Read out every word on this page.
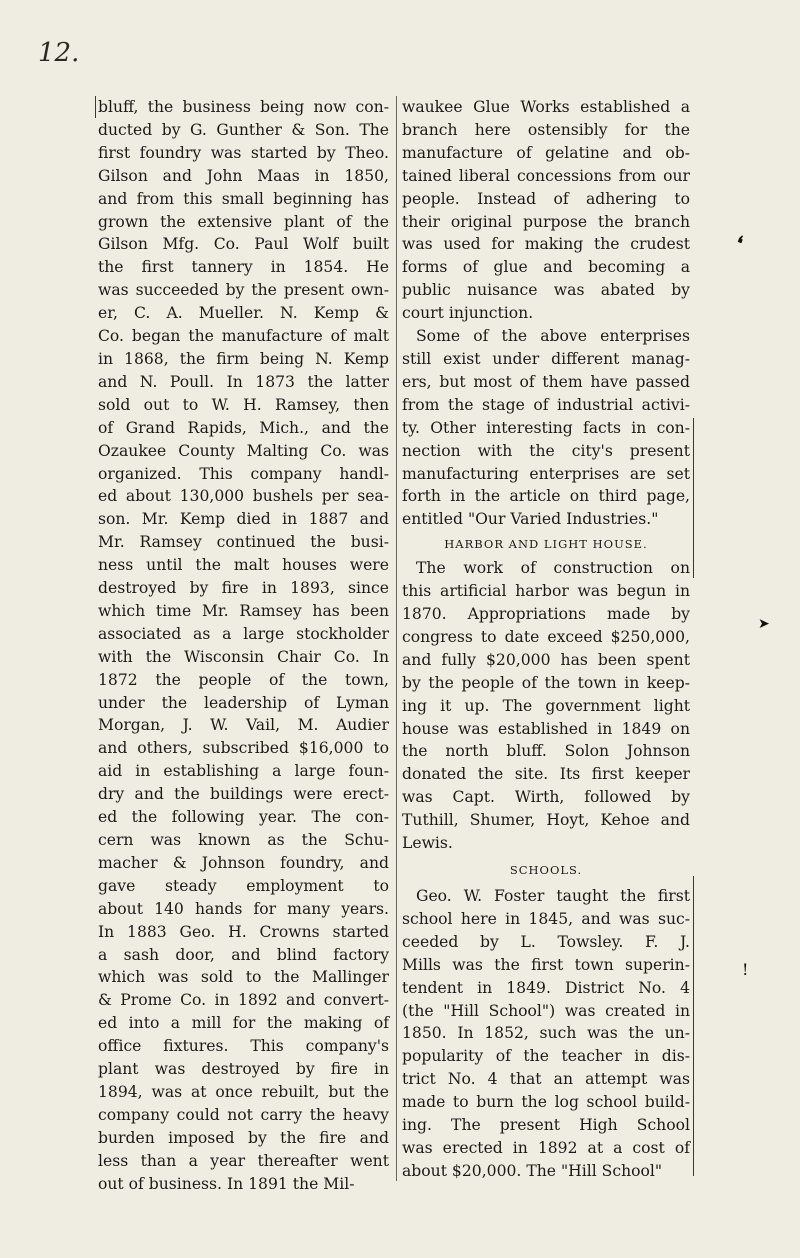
12.
bluff, the business being now con-
ducted by G. Gunther & Son. The
first foundry was started by Theo.
Gilson and John Maas in 1850,
and from this small beginning has
grown the extensive plant of the
Gilson Mfg. Co. Paul Wolf built
the first tannery in 1854. He
was succeeded by the present own-
er, C. A. Mueller. N. Kemp &
Co. began the manufacture of malt
in 1868, the firm being N. Kemp
and N. Poull. In 1873 the latter
sold out to W. H. Ramsey, then
of Grand Rapids, Mich., and the
Ozaukee County Malting Co. was
organized. This company handl-
ed about 130,000 bushels per sea-
son. Mr. Kemp died in 1887 and
Mr. Ramsey continued the busi-
ness until the malt houses were
destroyed by fire in 1893, since
which time Mr. Ramsey has been
associated as a large stockholder
with the Wisconsin Chair Co. In
1872 the people of the town,
under the leadership of Lyman
Morgan, J. W. Vail, M. Audier
and others, subscribed $16,000 to
aid in establishing a large foun-
dry and the buildings were erect-
ed the following year. The con-
cern was known as the Schu-
macher & Johnson foundry, and
gave steady employment to
about 140 hands for many years.
In 1883 Geo. H. Crowns started
a sash door, and blind factory
which was sold to the Mallinger
& Prome Co. in 1892 and convert-
ed into a mill for the making of
office fixtures. This company's
plant was destroyed by fire in
1894, was at once rebuilt, but the
company could not carry the heavy
burden imposed by the fire and
less than a year thereafter went
out of business. In 1891 the Mil-
waukee Glue Works established a
branch here ostensibly for the
manufacture of gelatine and ob-
tained liberal concessions from our
people. Instead of adhering to
their original purpose the branch
was used for making the crudest
forms of glue and becoming a
public nuisance was abated by
court injunction.
Some of the above enterprises
still exist under different manag-
ers, but most of them have passed
from the stage of industrial activi-
ty. Other interesting facts in con-
nection with the city's present
manufacturing enterprises are set
forth in the article on third page,
entitled "Our Varied Industries."
HARBOR AND LIGHT HOUSE.
The work of construction on
this artificial harbor was begun in
1870. Appropriations made by
congress to date exceed $250,000,
and fully $20,000 has been spent
by the people of the town in keep-
ing it up. The government light
house was established in 1849 on
the north bluff. Solon Johnson
donated the site. Its first keeper
was Capt. Wirth, followed by
Tuthill, Shumer, Hoyt, Kehoe and
Lewis.
SCHOOLS.
Geo. W. Foster taught the first
school here in 1845, and was suc-
ceeded by L. Towsley. F. J.
Mills was the first town superin-
tendent in 1849. District No. 4
(the "Hill School") was created in
1850. In 1852, such was the un-
popularity of the teacher in dis-
trict No. 4 that an attempt was
made to burn the log school build-
ing. The present High School
was erected in 1892 at a cost of
about $20,000. The "Hill School"
❛
➤
!
